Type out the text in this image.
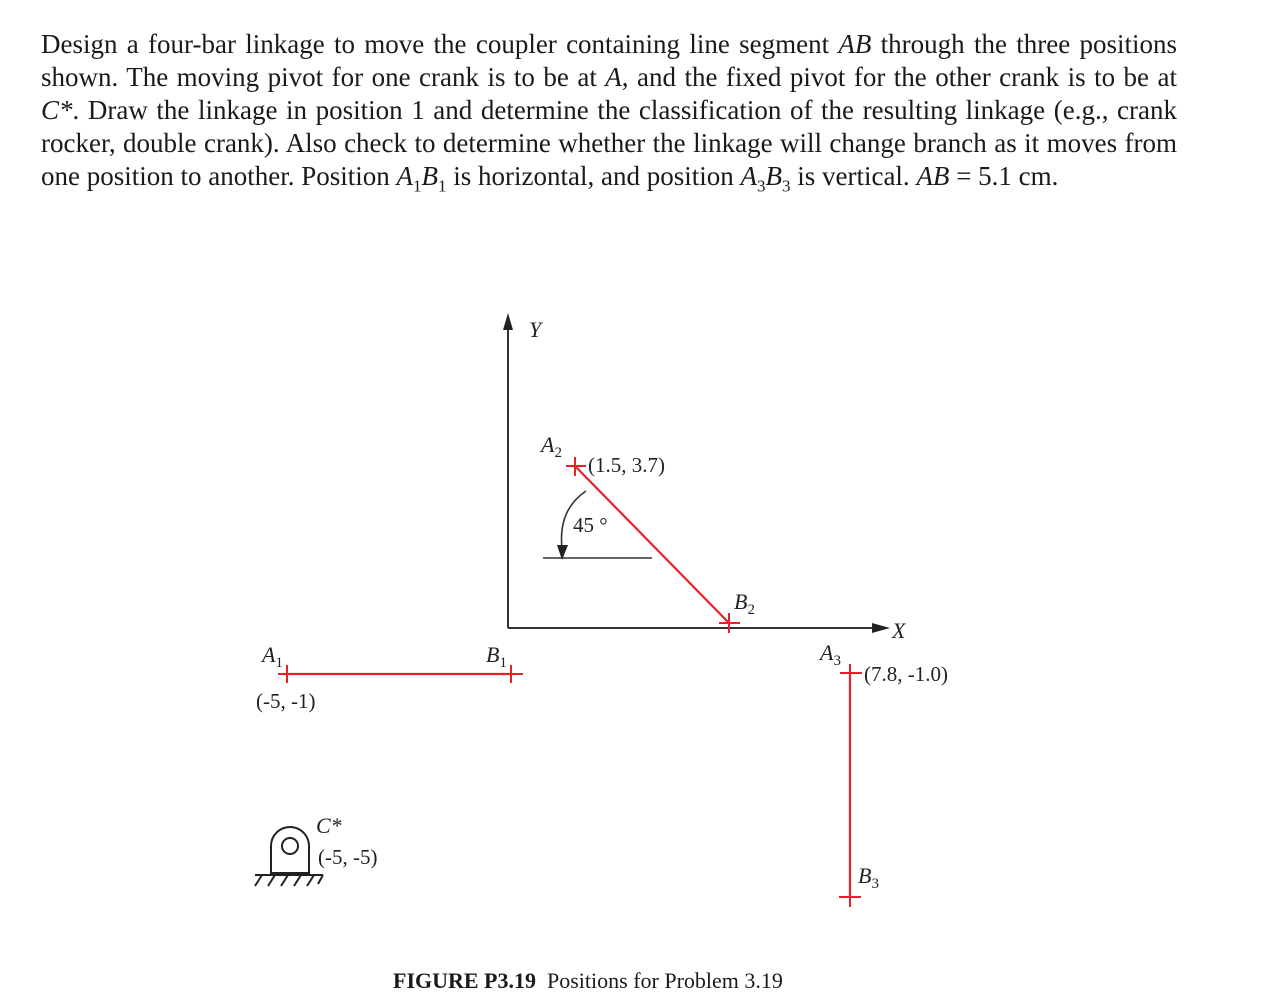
Design a four-bar linkage to move the coupler containing line segment AB through the three positions shown. The moving pivot for one crank is to be at A, and the fixed pivot for the other crank is to be at C*. Draw the linkage in position 1 and determine the classification of the resulting linkage (e.g., crank rocker, double crank). Also check to determine whether the linkage will change branch as it moves from one position to another. Position $A_1B_1$ is horizontal, and position $A_3B_3$ is vertical. AB = 5.1 cm.

Y
X
$A_1$
(-5, -1)
$B_1$
$A_2$ (1.5, 3.7)
$B_2$
45 °
$A_3$
(7.8, -1.0)
$B_3$
C*
(-5, -5)

FIGURE P3.19  Positions for Problem 3.19
